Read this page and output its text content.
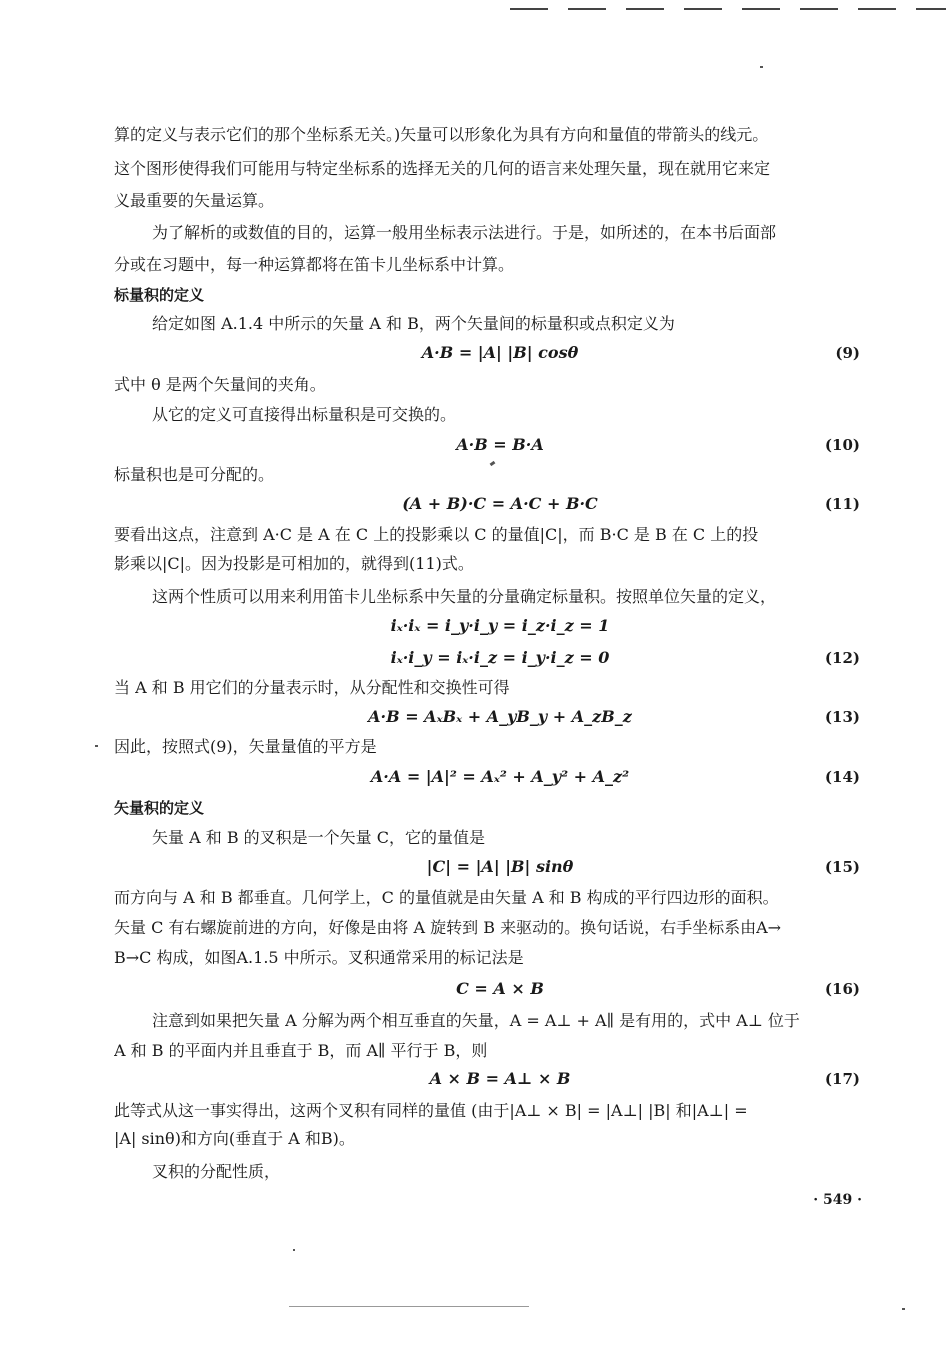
算的定义与表示它们的那个坐标系无关。)矢量可以形象化为具有方向和量值的带箭头的线元。
这个图形使得我们可能用与特定坐标系的选择无关的几何的语言来处理矢量，现在就用它来定
义最重要的矢量运算。
为了解析的或数值的目的，运算一般用坐标表示法进行。于是，如所述的，在本书后面部
分或在习题中，每一种运算都将在笛卡儿坐标系中计算。
标量积的定义
给定如图 A.1.4 中所示的矢量 A 和 B，两个矢量间的标量积或点积定义为
A·B = |A| |B| cosθ	(9)
式中 θ 是两个矢量间的夹角。
从它的定义可直接得出标量积是可交换的。
A·B = B·A	(10)
标量积也是可分配的。
(A + B)·C = A·C + B·C	(11)
要看出这点，注意到 A·C 是 A 在 C 上的投影乘以 C 的量值|C|，而 B·C 是 B 在 C 上的投
影乘以|C|。因为投影是可相加的，就得到(11)式。
这两个性质可以用来利用笛卡儿坐标系中矢量的分量确定标量积。按照单位矢量的定义，
iₓ·iₓ = i_y·i_y = i_z·i_z = 1
iₓ·i_y = iₓ·i_z = i_y·i_z = 0	(12)
当 A 和 B 用它们的分量表示时，从分配性和交换性可得
A·B = AₓBₓ + A_yB_y + A_zB_z	(13)
因此，按照式(9)，矢量量值的平方是
A·A = |A|² = Aₓ² + A_y² + A_z²	(14)
矢量积的定义
矢量 A 和 B 的叉积是一个矢量 C，它的量值是
|C| = |A| |B| sinθ	(15)
而方向与 A 和 B 都垂直。几何学上，C 的量值就是由矢量 A 和 B 构成的平行四边形的面积。
矢量 C 有右螺旋前进的方向，好像是由将 A 旋转到 B 来驱动的。换句话说，右手坐标系由A→
B→C 构成，如图A.1.5 中所示。叉积通常采用的标记法是
C = A × B	(16)
注意到如果把矢量 A 分解为两个相互垂直的矢量，A = A⊥ + A∥ 是有用的，式中 A⊥ 位于
A 和 B 的平面内并且垂直于 B，而 A∥ 平行于 B，则
A × B = A⊥ × B	(17)
此等式从这一事实得出，这两个叉积有同样的量值 (由于|A⊥ × B| = |A⊥| |B| 和|A⊥| =
|A| sinθ)和方向(垂直于 A 和B)。
叉积的分配性质，
· 549 ·
